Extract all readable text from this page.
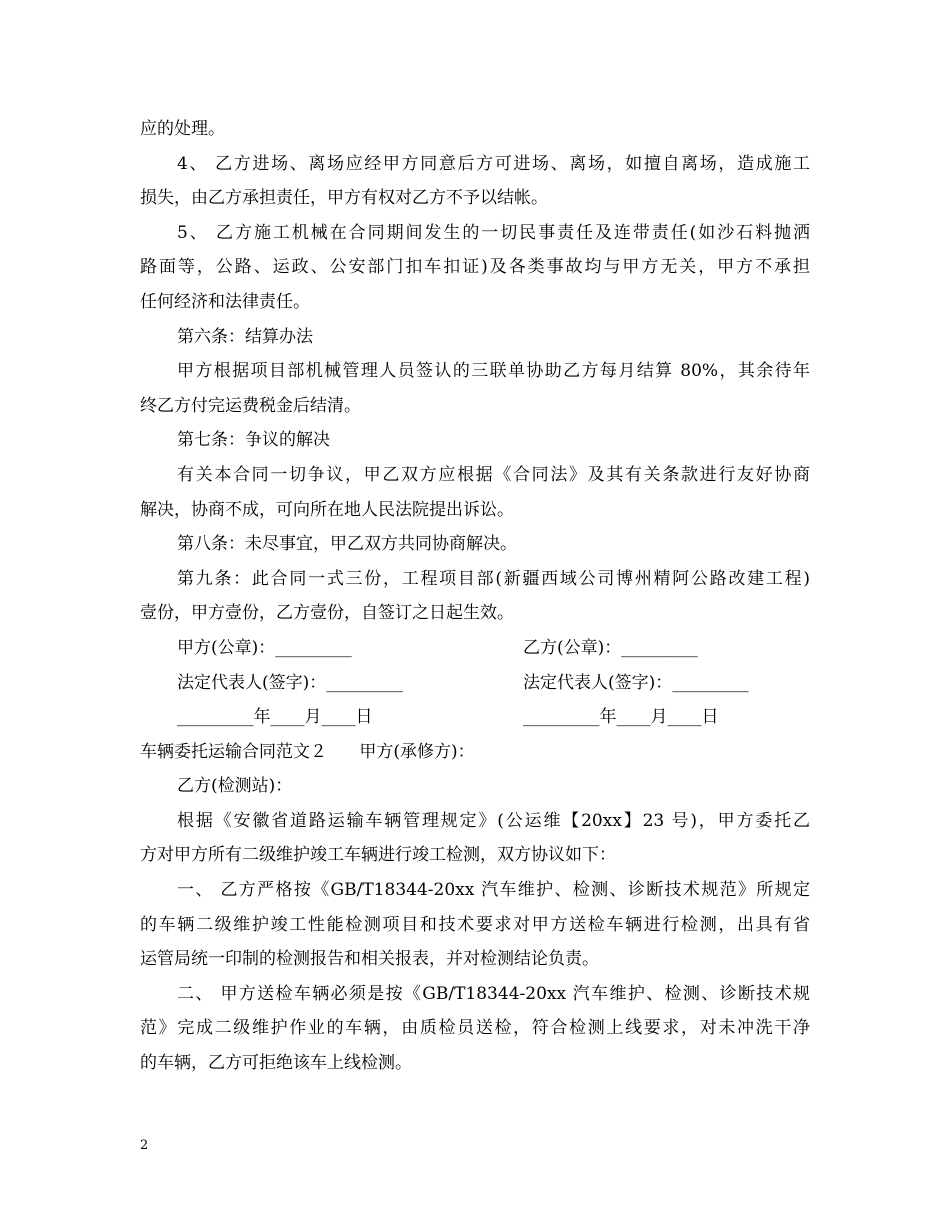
应的处理。
4、 乙方进场、离场应经甲方同意后方可进场、离场，如擅自离场，造成施工
损失，由乙方承担责任，甲方有权对乙方不予以结帐。
5、 乙方施工机械在合同期间发生的一切民事责任及连带责任(如沙石料抛洒
路面等，公路、运政、公安部门扣车扣证)及各类事故均与甲方无关，甲方不承担
任何经济和法律责任。
第六条：结算办法
甲方根据项目部机械管理人员签认的三联单协助乙方每月结算 80%，其余待年
终乙方付完运费税金后结清。
第七条：争议的解决
有关本合同一切争议，甲乙双方应根据《合同法》及其有关条款进行友好协商
解决，协商不成，可向所在地人民法院提出诉讼。
第八条：未尽事宜，甲乙双方共同协商解决。
第九条：此合同一式三份，工程项目部(新疆西域公司博州精阿公路改建工程)
壹份，甲方壹份，乙方壹份，自签订之日起生效。
甲方(公章)：_________	乙方(公章)：_________
法定代表人(签字)：_________	法定代表人(签字)：_________
_________年____月____日	_________年____月____日
车辆委托运输合同范文２      甲方(承修方)：
乙方(检测站)：
根据《安徽省道路运输车辆管理规定》(公运维【20xx】23 号)，甲方委托乙
方对甲方所有二级维护竣工车辆进行竣工检测，双方协议如下：
一、 乙方严格按《GB/T18344-20xx 汽车维护、检测、诊断技术规范》所规定
的车辆二级维护竣工性能检测项目和技术要求对甲方送检车辆进行检测，出具有省
运管局统一印制的检测报告和相关报表，并对检测结论负责。
二、 甲方送检车辆必须是按《GB/T18344-20xx 汽车维护、检测、诊断技术规
范》完成二级维护作业的车辆，由质检员送检，符合检测上线要求，对未冲洗干净
的车辆，乙方可拒绝该车上线检测。
2
